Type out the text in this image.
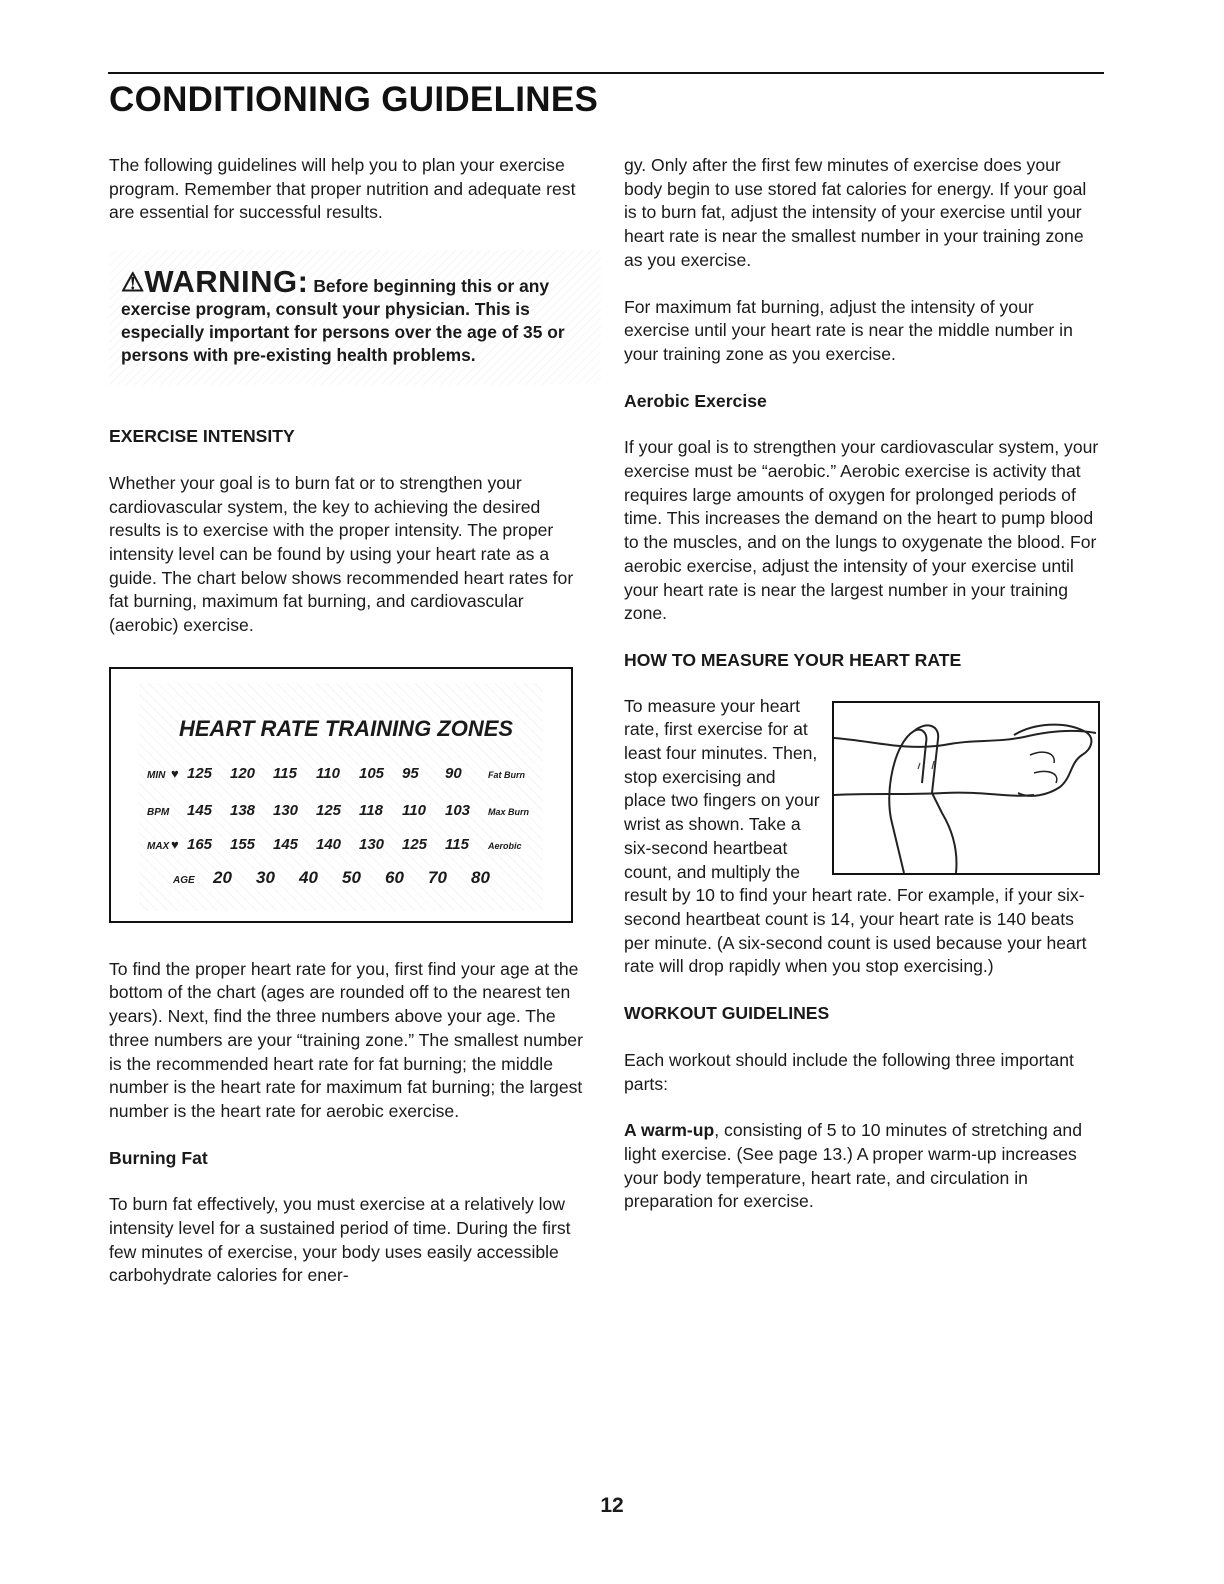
CONDITIONING GUIDELINES

The following guidelines will help you to plan your exercise program. Remember that proper nutrition and adequate rest are essential for successful results.

⚠WARNING: Before beginning this or any exercise program, consult your physician. This is especially important for persons over the age of 35 or persons with pre-existing health problems.
EXERCISE INTENSITY

Whether your goal is to burn fat or to strengthen your cardiovascular system, the key to achieving the desired results is to exercise with the proper intensity. The proper intensity level can be found by using your heart rate as a guide. The chart below shows recommended heart rates for fat burning, maximum fat burning, and cardiovascular (aerobic) exercise.

HEART RATE TRAINING ZONES
MIN ♥ 125 120 115 110 105 95 90	Fat Burn
BPM 145 138 130 125 118 110 103 Max Burn
MAX ♥ 165 155 145 140 130 125 115 Aerobic
AGE 20 30 40 50 60 70 80

To find the proper heart rate for you, first find your age at the bottom of the chart (ages are rounded off to the nearest ten years). Next, find the three numbers above your age. The three numbers are your “training zone.” The smallest number is the recommended heart rate for fat burning; the middle number is the heart rate for maximum fat burning; the largest number is the heart rate for aerobic exercise.

Burning Fat

To burn fat effectively, you must exercise at a relatively low intensity level for a sustained period of time. During the first few minutes of exercise, your body uses easily accessible carbohydrate calories for ener-

gy. Only after the first few minutes of exercise does your body begin to use stored fat calories for energy. If your goal is to burn fat, adjust the intensity of your exercise until your heart rate is near the smallest number in your training zone as you exercise.

For maximum fat burning, adjust the intensity of your exercise until your heart rate is near the middle number in your training zone as you exercise.

Aerobic Exercise

If your goal is to strengthen your cardiovascular system, your exercise must be “aerobic.” Aerobic exercise is activity that requires large amounts of oxygen for prolonged periods of time. This increases the demand on the heart to pump blood to the muscles, and on the lungs to oxygenate the blood. For aerobic exercise, adjust the intensity of your exercise until your heart rate is near the largest number in your training zone.

HOW TO MEASURE YOUR HEART RATE

To measure your heart rate, first exercise for at least four minutes. Then, stop exercising and place two fingers on your wrist as shown. Take a six-second heartbeat count, and multiply the result by 10 to find your heart rate. For example, if your six-second heartbeat count is 14, your heart rate is 140 beats per minute. (A six-second count is used because your heart rate will drop rapidly when you stop exercising.)

WORKOUT GUIDELINES

Each workout should include the following three important parts:

A warm-up, consisting of 5 to 10 minutes of stretching and light exercise. (See page 13.) A proper warm-up increases your body temperature, heart rate, and circulation in preparation for exercise.

12
